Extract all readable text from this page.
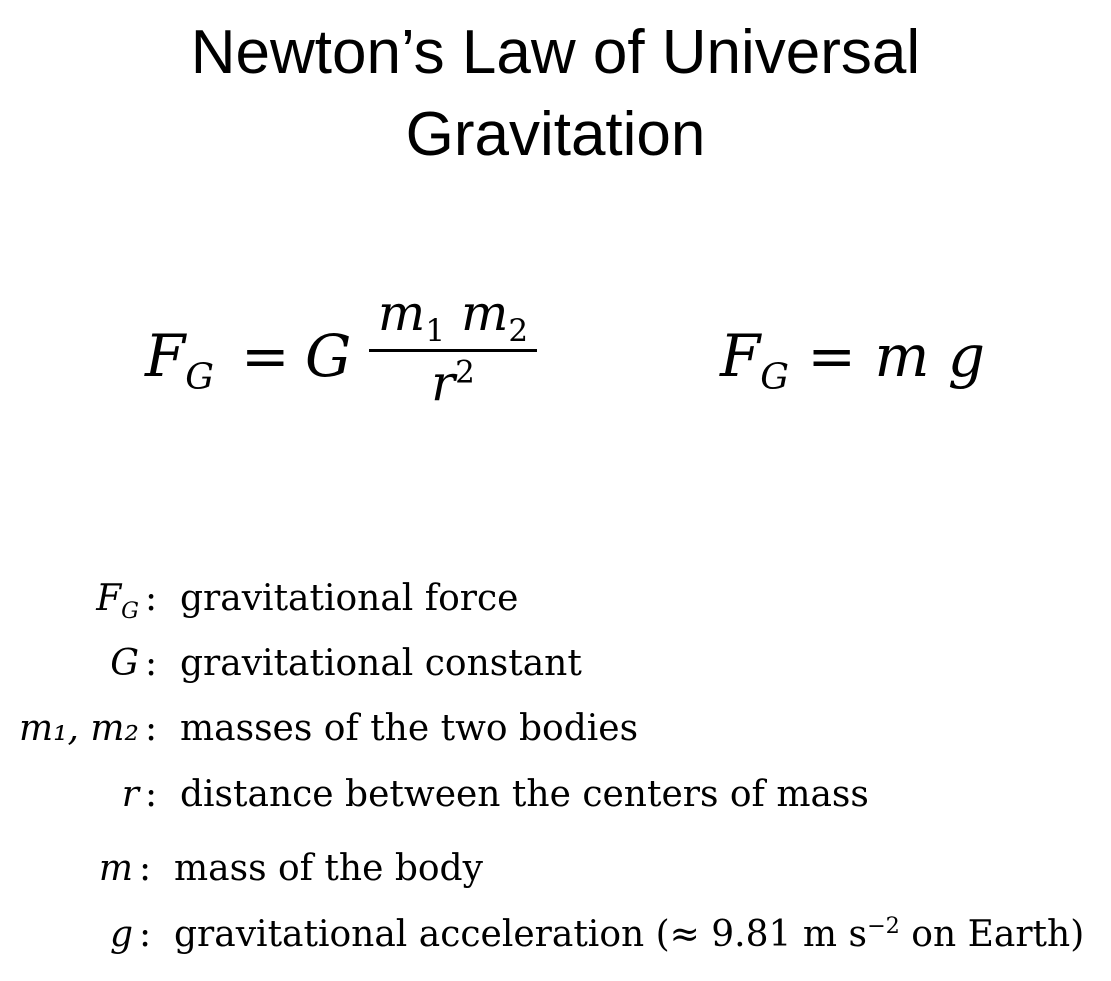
Newton’s Law of Universal
Gravitation
$F_G = G$
$m_1$ $m_2$
$r^2$	$F_G = m$ g
$F_G$ : gravitational force
G : gravitational constant
m₁, m₂ : masses of the two bodies
r : distance between the centers of mass
m : mass of the body
g : gravitational acceleration (≈ 9.81 m $s^{-2}$ on Earth)
